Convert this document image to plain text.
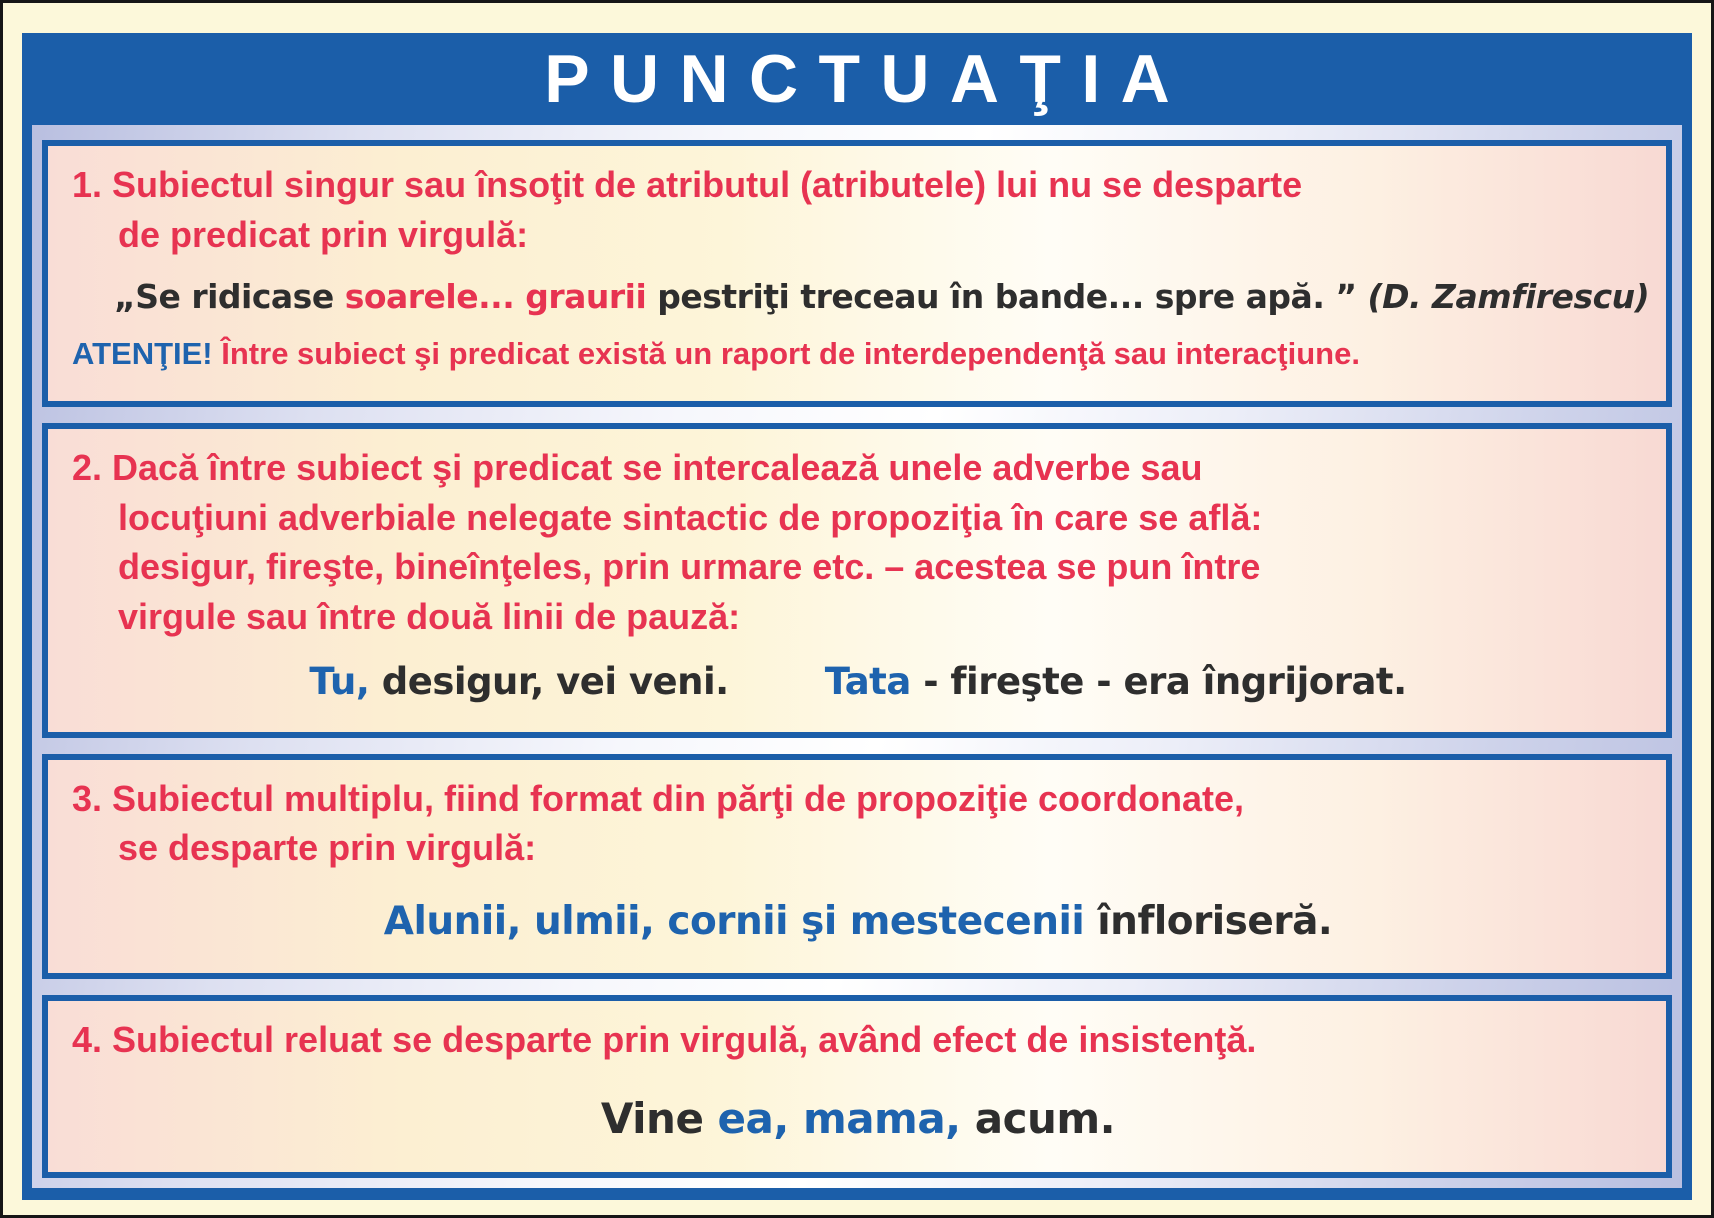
PUNCTUAŢIA

1. Subiectul singur sau însoţit de atributul (atributele) lui nu se desparte

de predicat prin virgulă:

„Se ridicase soarele... graurii pestriţi treceau în bande... spre apă. ” (D. Zamfirescu)

ATENŢIE! Între subiect şi predicat există un raport de interdependenţă sau interacţiune.

2. Dacă între subiect şi predicat se intercalează unele adverbe sau

locuţiuni adverbiale nelegate sintactic de propoziţia în care se află:

desigur, fireşte, bineînţeles, prin urmare etc. – acestea se pun între

virgule sau între două linii de pauză:

Tu, desigur, vei veni.	Tata - fireşte - era îngrijorat.

3. Subiectul multiplu, fiind format din părţi de propoziţie coordonate,

se desparte prin virgulă:

Alunii, ulmii, cornii şi mestecenii înfloriseră.

4. Subiectul reluat se desparte prin virgulă, având efect de insistenţă.

Vine ea, mama, acum.
